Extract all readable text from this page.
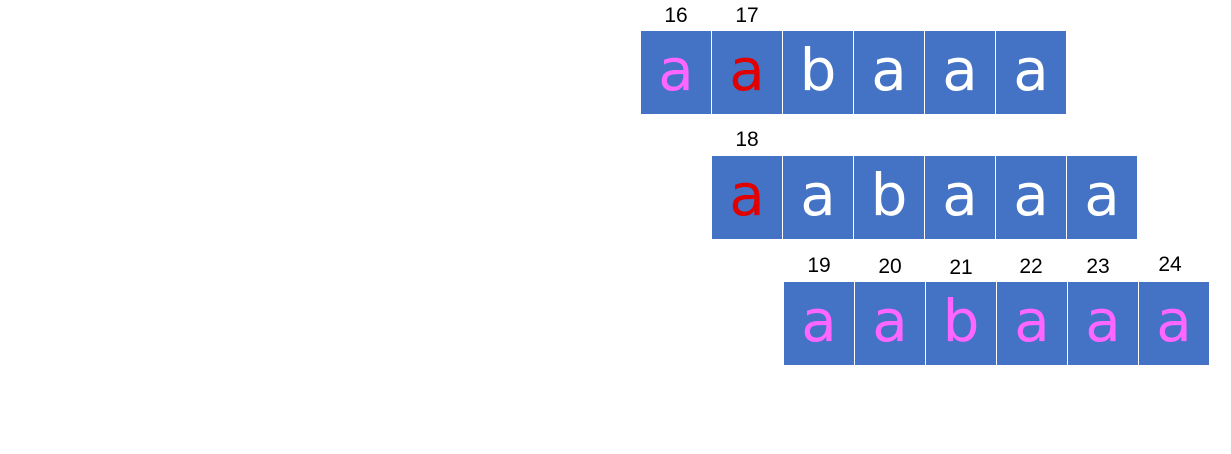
16	17
a a b a a a
18
a a b a a a
19	20	21	22	23	24
a a b a a a
